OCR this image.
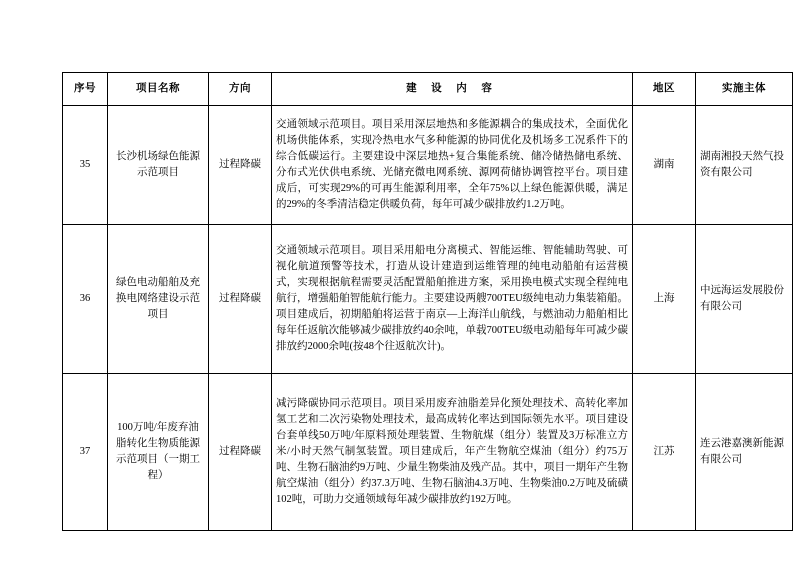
序号	项目名称	方向	建 设 内 容	地区	实施主体
35	长沙机场绿色能源示范项目	过程降碳	交通领域示范项目。项目采用深层地热和多能源耦合的集成技术，全面优化机场供能体系，实现冷热电水气多种能源的协同优化及机场多工况系件下的综合低碳运行。主要建设中深层地热+复合集能系统、储冷储热储电系统、分布式光伏供电系统、光储充微电网系统、源网荷储协调管控平台。项目建成后，可实现29%的可再生能源利用率，全年75%以上绿色能源供暖，满足的29%的冬季清洁稳定供暖负荷，每年可减少碳排放约1.2万吨。	湖南	湖南湘投天然气投资有限公司
36	绿色电动船舶及充换电网络建设示范项目	过程降碳	交通领域示范项目。项目采用船电分离模式、智能运维、智能辅助驾驶、可视化航道预警等技术，打造从设计建造到运维管理的纯电动船舶有运营模式，实现根据航程需要灵活配置船舶推进方案，采用换电模式实现全程纯电航行，增强船舶智能航行能力。主要建设两艘700TEU级纯电动力集装箱船。项目建成后，初期船舶将运营于南京—上海洋山航线，与燃油动力船舶相比每年任返航次能够减少碳排放约40余吨，单载700TEU级电动船每年可减少碳排放约2000余吨(按48个往返航次计)。	上海	中远海运发展股份有限公司
37	100万吨/年废弃油脂转化生物质能源示范项目（一期工程）	过程降碳	减污降碳协同示范项目。项目采用废弃油脂差异化预处理技术、高转化率加氢工艺和二次污染物处理技术，最高成转化率达到国际领先水平。项目建设台套单线50万吨/年原料预处理装置、生物航煤（组分）装置及3万标准立方米/小时天然气制氢装置。项目建成后，年产生物航空煤油（组分）约75万吨、生物石脑油约9万吨、少量生物柴油及残产品。其中，项目一期年产生物航空煤油（组分）约37.3万吨、生物石脑油4.3万吨、生物柴油0.2万吨及硫磺102吨，可助力交通领域每年减少碳排放约192万吨。	江苏	连云港嘉澳新能源有限公司
